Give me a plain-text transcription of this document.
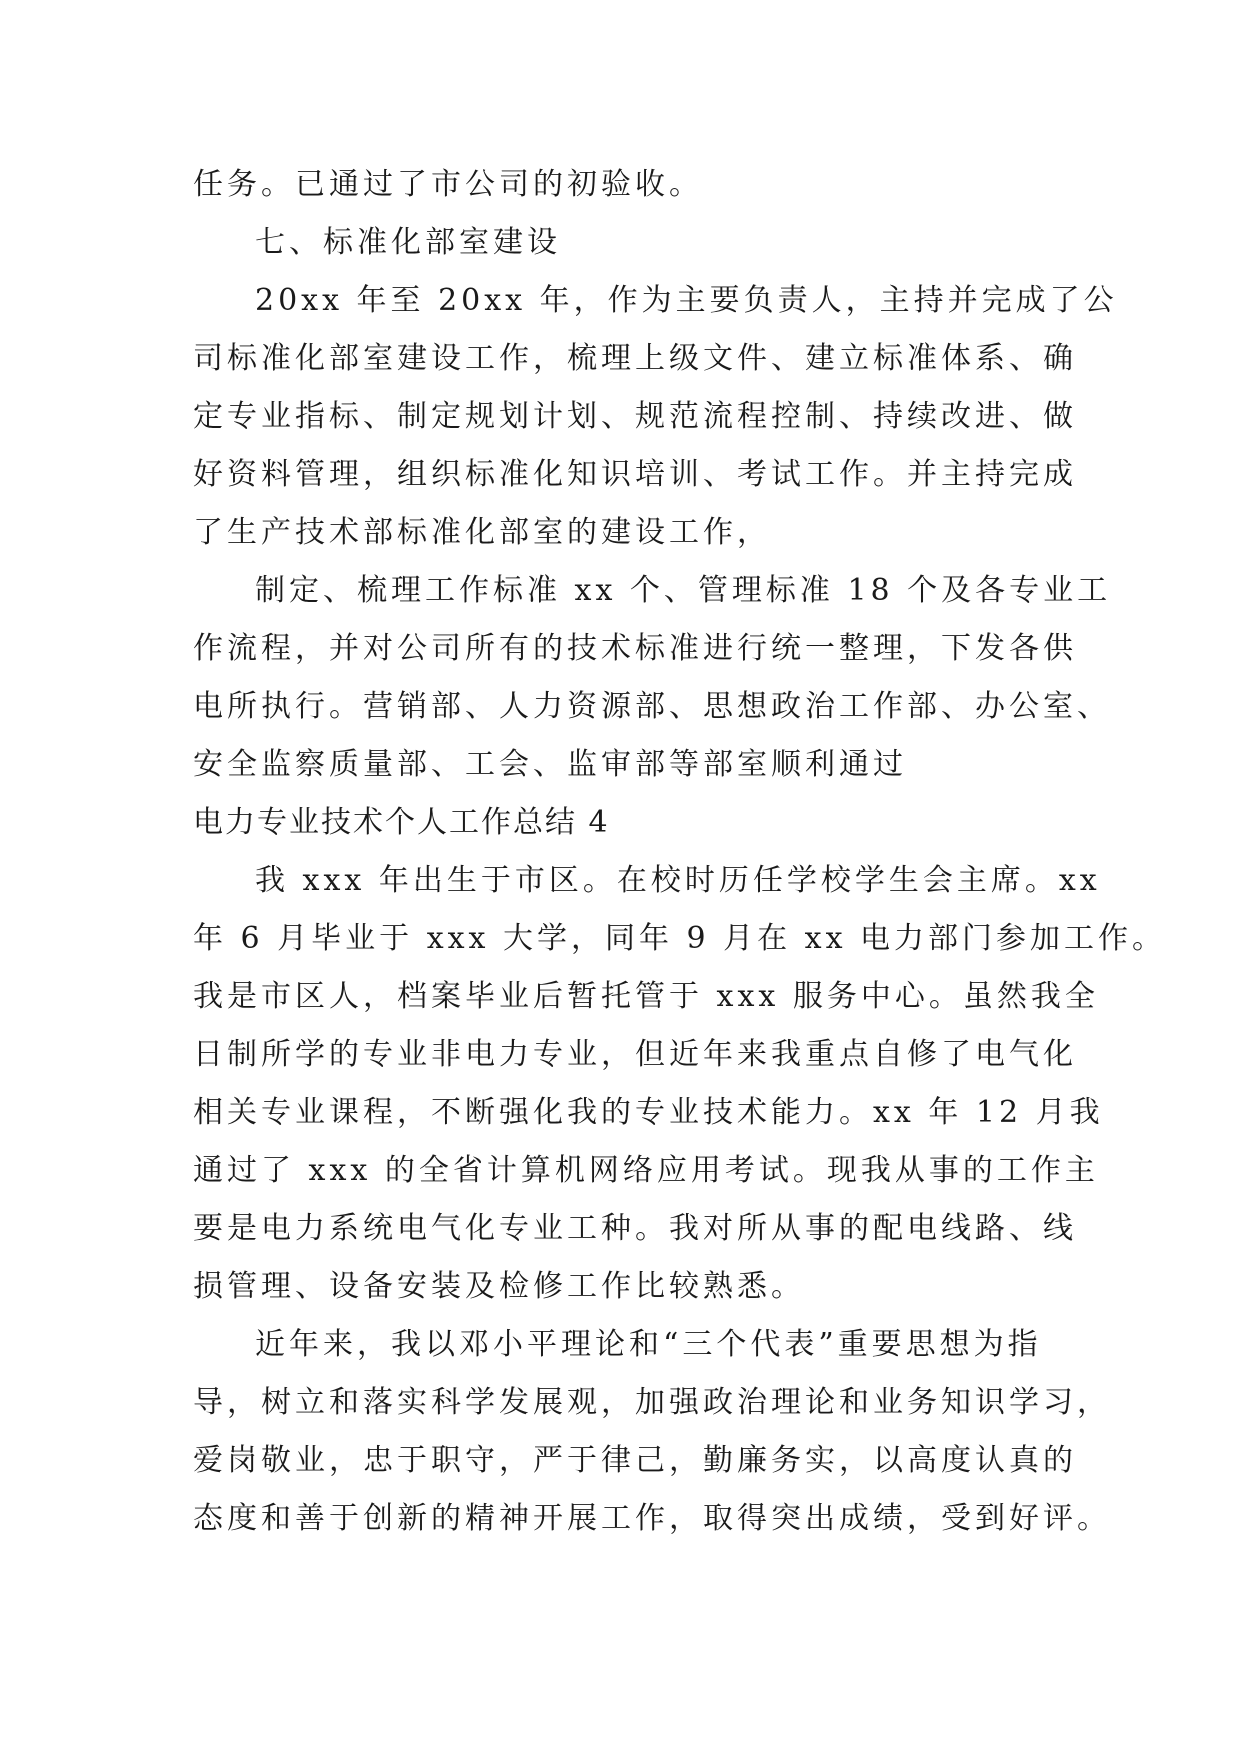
任务。已通过了市公司的初验收。
七、标准化部室建设
20xx 年至 20xx 年，作为主要负责人，主持并完成了公
司标准化部室建设工作，梳理上级文件、建立标准体系、确
定专业指标、制定规划计划、规范流程控制、持续改进、做
好资料管理，组织标准化知识培训、考试工作。并主持完成
了生产技术部标准化部室的建设工作，
制定、梳理工作标准 xx 个、管理标准 18 个及各专业工
作流程，并对公司所有的技术标准进行统一整理，下发各供
电所执行。营销部、人力资源部、思想政治工作部、办公室、
安全监察质量部、工会、监审部等部室顺利通过
电力专业技术个人工作总结 4
我 xxx 年出生于市区。在校时历任学校学生会主席。xx
年 6 月毕业于 xxx 大学，同年 9 月在 xx 电力部门参加工作。
我是市区人，档案毕业后暂托管于 xxx 服务中心。虽然我全
日制所学的专业非电力专业，但近年来我重点自修了电气化
相关专业课程，不断强化我的专业技术能力。xx 年 12 月我
通过了 xxx 的全省计算机网络应用考试。现我从事的工作主
要是电力系统电气化专业工种。我对所从事的配电线路、线
损管理、设备安装及检修工作比较熟悉。
近年来，我以邓小平理论和“三个代表”重要思想为指
导，树立和落实科学发展观，加强政治理论和业务知识学习，
爱岗敬业，忠于职守，严于律己，勤廉务实，以高度认真的
态度和善于创新的精神开展工作，取得突出成绩，受到好评。
